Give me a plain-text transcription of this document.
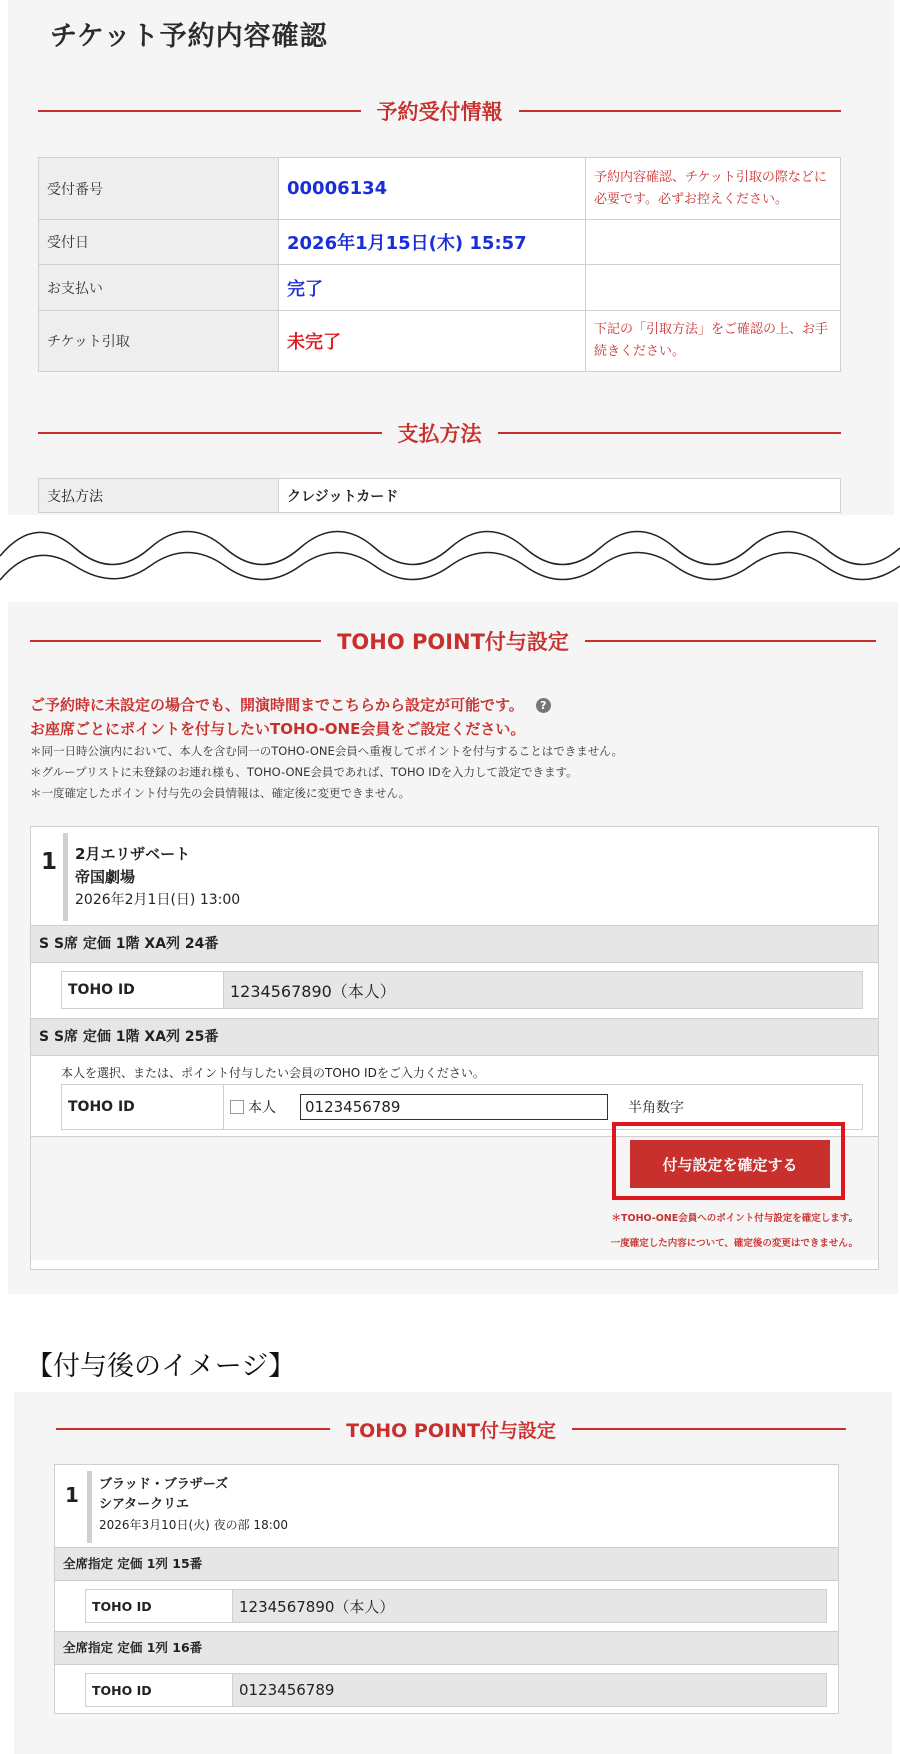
チケット予約内容確認
予約受付情報
受付番号	00006134	予約内容確認、チケット引取の際などに必要です。必ずお控えください。
受付日	2026年1月15日(木) 15:57	
お支払い	完了	
チケット引取	未完了	下記の「引取方法」をご確認の上、お手続きください。
支払方法
支払方法	クレジットカード
TOHO POINT付与設定
ご予約時に未設定の場合でも、開演時間までこちらから設定が可能です。 ?
お座席ごとにポイントを付与したいTOHO-ONE会員をご設定ください。
＊同一日時公演内において、本人を含む同一のTOHO-ONE会員へ重複してポイントを付与することはできません。
＊グループリストに未登録のお連れ様も、TOHO-ONE会員であれば、TOHO IDを入力して設定できます。
＊一度確定したポイント付与先の会員情報は、確定後に変更できません。
1 2月エリザベート
帝国劇場
2026年2月1日(日) 13:00
S S席 定価 1階 XA列 24番
TOHO ID	1234567890（本人）
S S席 定価 1階 XA列 25番
本人を選択、または、ポイント付与したい会員のTOHO IDをご入力ください。
TOHO ID	本人	0123456789	半角数字
付与設定を確定する
＊TOHO-ONE会員へのポイント付与設定を確定します。
一度確定した内容について、確定後の変更はできません。
【付与後のイメージ】
TOHO POINT付与設定
1 ブラッド・ブラザーズ
シアタークリエ
2026年3月10日(火) 夜の部 18:00
全席指定 定価 1列 15番
TOHO ID	1234567890（本人）
全席指定 定価 1列 16番
TOHO ID	0123456789
